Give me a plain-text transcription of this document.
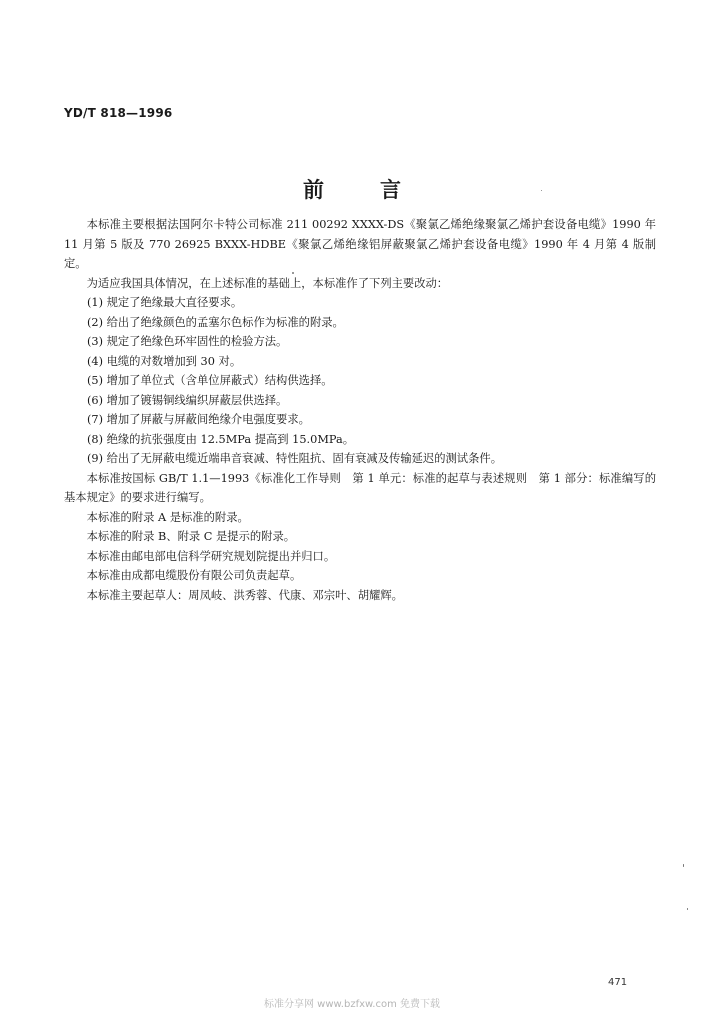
YD/T 818—1996
前	言

本标准主要根据法国阿尔卡特公司标准 211 00292 XXXX-DS《聚氯乙烯绝缘聚氯乙烯护套设备电缆》1990 年 11 月第 5 版及 770 26925 BXXX-HDBE《聚氯乙烯绝缘铝屏蔽聚氯乙烯护套设备电缆》1990 年 4 月第 4 版制定。

为适应我国具体情况，在上述标准的基础上，本标准作了下列主要改动：

(1) 规定了绝缘最大直径要求。

(2) 给出了绝缘颜色的孟塞尔色标作为标准的附录。

(3) 规定了绝缘色环牢固性的检验方法。

(4) 电缆的对数增加到 30 对。

(5) 增加了单位式（含单位屏蔽式）结构供选择。

(6) 增加了镀锡铜线编织屏蔽层供选择。

(7) 增加了屏蔽与屏蔽间绝缘介电强度要求。

(8) 绝缘的抗张强度由 12.5MPa 提高到 15.0MPa。

(9) 给出了无屏蔽电缆近端串音衰减、特性阻抗、固有衰减及传输延迟的测试条件。

本标准按国标 GB/T 1.1—1993《标准化工作导则　第 1 单元：标准的起草与表述规则　第 1 部分：标准编写的基本规定》的要求进行编写。

本标准的附录 A 是标准的附录。

本标准的附录 B、附录 C 是提示的附录。

本标准由邮电部电信科学研究规划院提出并归口。

本标准由成都电缆股份有限公司负责起草。

本标准主要起草人：周凤岐、洪秀蓉、代康、邓宗叶、胡耀辉。

471
标准分享网 www.bzfxw.com 免费下载
